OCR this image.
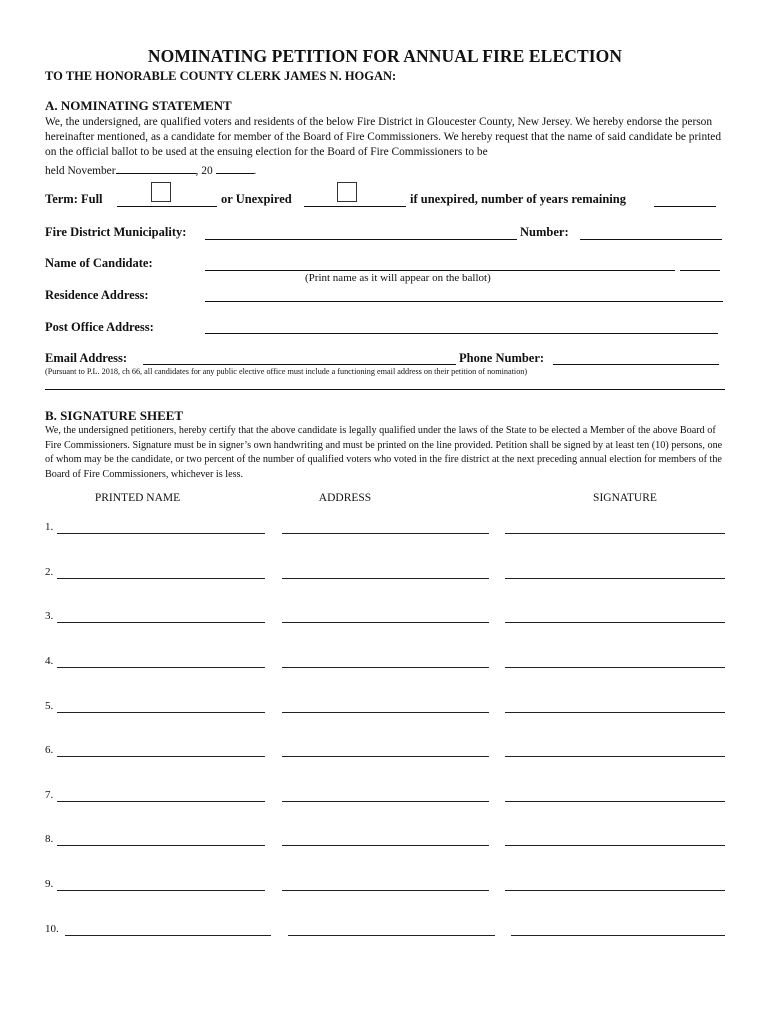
NOMINATING PETITION FOR ANNUAL FIRE ELECTION
TO THE HONORABLE COUNTY CLERK JAMES N. HOGAN:
A. NOMINATING STATEMENT
We, the undersigned, are qualified voters and residents of the below Fire District in Gloucester County, New Jersey. We hereby endorse the person hereinafter mentioned, as a candidate for member of the Board of Fire Commissioners. We hereby request that the name of said candidate be printed on the official ballot to be used at the ensuing election for the Board of Fire Commissioners to be
held November	, 20	.
Term: Full	or Unexpired	if unexpired, number of years remaining
Fire District Municipality:	Number:
Name of Candidate:
(Print name as it will appear on the ballot)
Residence Address:
Post Office Address:
Email Address:	Phone Number:
(Pursuant to P.L. 2018, ch 66, all candidates for any public elective office must include a functioning email address on their petition of nomination)
B. SIGNATURE SHEET
We, the undersigned petitioners, hereby certify that the above candidate is legally qualified under the laws of the State to be elected a Member of the above Board of Fire Commissioners. Signature must be in signer’s own handwriting and must be printed on the line provided. Petition shall be signed by at least ten (10) persons, one of whom may be the candidate, or two percent of the number of qualified voters who voted in the fire district at the next preceding annual election for members of the Board of Fire Commissioners, whichever is less.
PRINTED NAME	ADDRESS	SIGNATURE
1.
2.
3.
4.
5.
6.
7.
8.
9.
10.
